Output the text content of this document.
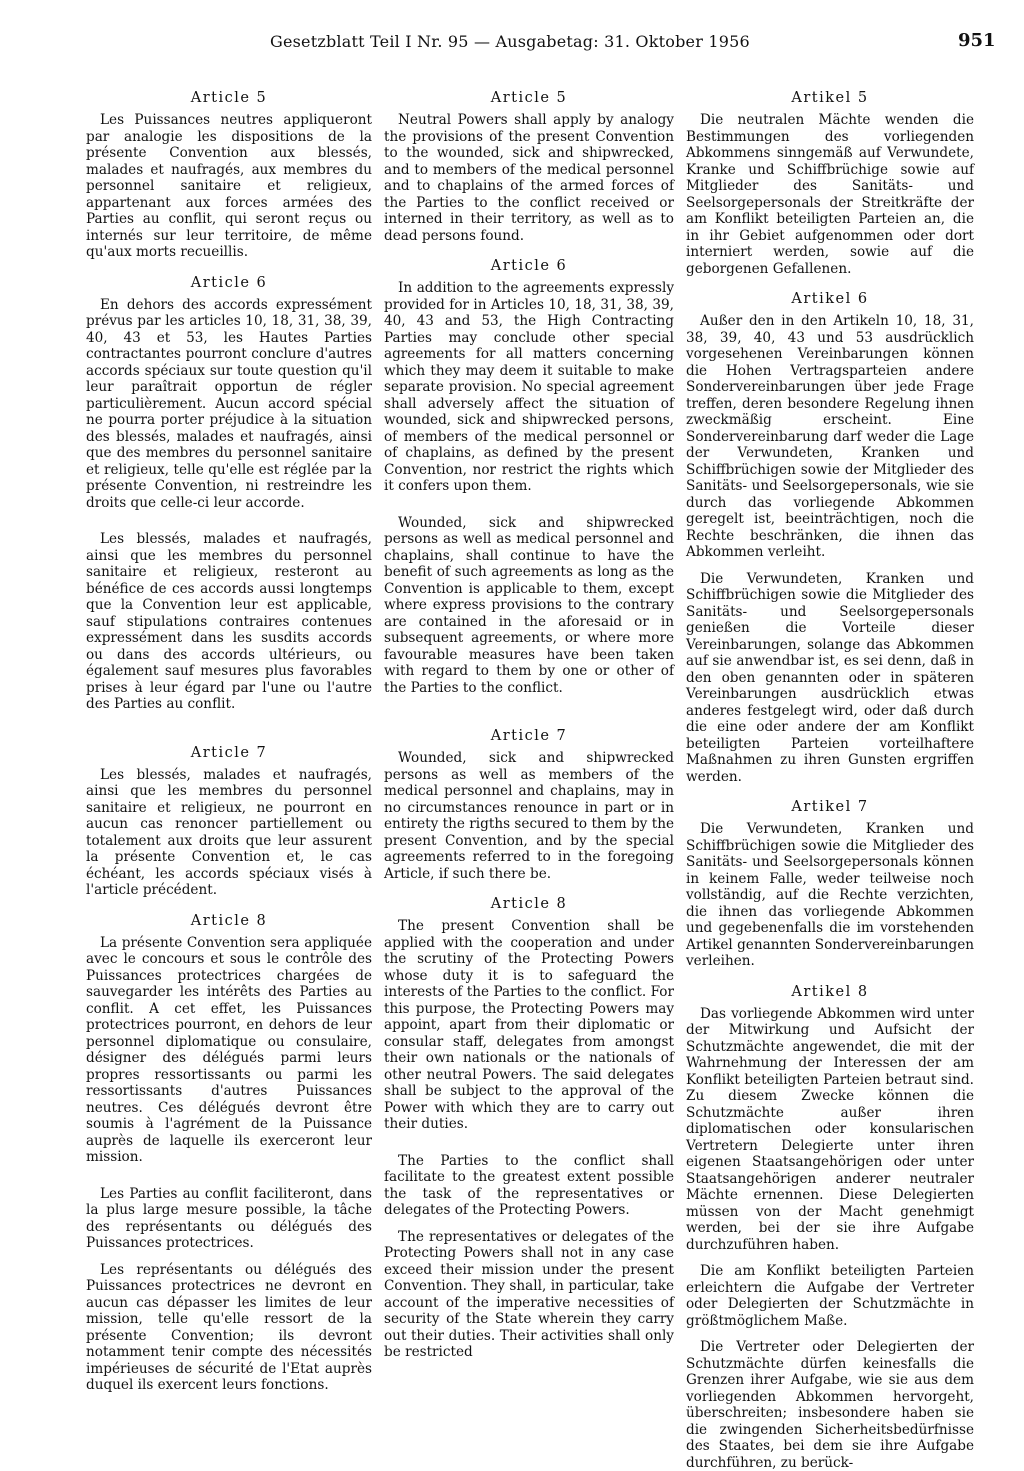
Gesetzblatt Teil I Nr. 95 — Ausgabetag: 31. Oktober 1956	951
Article 5

Les Puissances neutres appliqueront par analogie les dispositions de la présente Convention aux blessés, malades et naufragés, aux membres du personnel sanitaire et religieux, appartenant aux forces armées des Parties au conflit, qui seront reçus ou internés sur leur territoire, de même qu'aux morts recueillis.

Article 6

En dehors des accords expressément prévus par les articles 10, 18, 31, 38, 39, 40, 43 et 53, les Hautes Parties contractantes pourront conclure d'autres accords spéciaux sur toute question qu'il leur paraîtrait opportun de régler particulièrement. Aucun accord spécial ne pourra porter préjudice à la situation des blessés, malades et naufragés, ainsi que des membres du personnel sanitaire et religieux, telle qu'elle est réglée par la présente Convention, ni restreindre les droits que celle-ci leur accorde.

Les blessés, malades et naufragés, ainsi que les membres du personnel sanitaire et religieux, resteront au bénéfice de ces accords aussi longtemps que la Convention leur est applicable, sauf stipulations contraires contenues expressément dans les susdits accords ou dans des accords ultérieurs, ou également sauf mesures plus favorables prises à leur égard par l'une ou l'autre des Parties au conflit.

Article 7

Les blessés, malades et naufragés, ainsi que les membres du personnel sanitaire et religieux, ne pourront en aucun cas renoncer partiellement ou totalement aux droits que leur assurent la présente Convention et, le cas échéant, les accords spéciaux visés à l'article précédent.

Article 8

La présente Convention sera appliquée avec le concours et sous le contrôle des Puissances protectrices chargées de sauvegarder les intérêts des Parties au conflit. A cet effet, les Puissances protectrices pourront, en dehors de leur personnel diplomatique ou consulaire, désigner des délégués parmi leurs propres ressortissants ou parmi les ressortissants d'autres Puissances neutres. Ces délégués devront être soumis à l'agrément de la Puissance auprès de laquelle ils exerceront leur mission.

Les Parties au conflit faciliteront, dans la plus large mesure possible, la tâche des représentants ou délégués des Puissances protectrices.

Les représentants ou délégués des Puissances protectrices ne devront en aucun cas dépasser les limites de leur mission, telle qu'elle ressort de la présente Convention; ils devront notamment tenir compte des nécessités impérieuses de sécurité de l'Etat auprès duquel ils exercent leurs fonctions.

Article 5

Neutral Powers shall apply by analogy the provisions of the present Convention to the wounded, sick and shipwrecked, and to members of the medical personnel and to chaplains of the armed forces of the Parties to the conflict received or interned in their territory, as well as to dead persons found.

Article 6

In addition to the agreements expressly provided for in Articles 10, 18, 31, 38, 39, 40, 43 and 53, the High Contracting Parties may conclude other special agreements for all matters concerning which they may deem it suitable to make separate provision. No special agreement shall adversely affect the situation of wounded, sick and shipwrecked persons, of members of the medical personnel or of chaplains, as defined by the present Convention, nor restrict the rights which it confers upon them.

Wounded, sick and shipwrecked persons as well as medical personnel and chaplains, shall continue to have the benefit of such agreements as long as the Convention is applicable to them, except where express provisions to the contrary are contained in the aforesaid or in subsequent agreements, or where more favourable measures have been taken with regard to them by one or other of the Parties to the conflict.

Article 7

Wounded, sick and shipwrecked persons as well as members of the medical personnel and chaplains, may in no circumstances renounce in part or in entirety the rigths secured to them by the present Convention, and by the special agreements referred to in the foregoing Article, if such there be.

Article 8

The present Convention shall be applied with the cooperation and under the scrutiny of the Protecting Powers whose duty it is to safeguard the interests of the Parties to the conflict. For this purpose, the Protecting Powers may appoint, apart from their diplomatic or consular staff, delegates from amongst their own nationals or the nationals of other neutral Powers. The said delegates shall be subject to the approval of the Power with which they are to carry out their duties.

The Parties to the conflict shall facilitate to the greatest extent possible the task of the representatives or delegates of the Protecting Powers.

The representatives or delegates of the Protecting Powers shall not in any case exceed their mission under the present Convention. They shall, in particular, take account of the imperative necessities of security of the State wherein they carry out their duties. Their activities shall only be restricted

Artikel 5

Die neutralen Mächte wenden die Bestimmungen des vorliegenden Abkommens sinngemäß auf Verwundete, Kranke und Schiffbrüchige sowie auf Mitglieder des Sanitäts- und Seelsorgepersonals der Streitkräfte der am Konflikt beteiligten Parteien an, die in ihr Gebiet aufgenommen oder dort interniert werden, sowie auf die geborgenen Gefallenen.

Artikel 6

Außer den in den Artikeln 10, 18, 31, 38, 39, 40, 43 und 53 ausdrücklich vorgesehenen Vereinbarungen können die Hohen Vertragsparteien andere Sondervereinbarungen über jede Frage treffen, deren besondere Regelung ihnen zweckmäßig erscheint. Eine Sondervereinbarung darf weder die Lage der Verwundeten, Kranken und Schiffbrüchigen sowie der Mitglieder des Sanitäts- und Seelsorgepersonals, wie sie durch das vorliegende Abkommen geregelt ist, beeinträchtigen, noch die Rechte beschränken, die ihnen das Abkommen verleiht.

Die Verwundeten, Kranken und Schiffbrüchigen sowie die Mitglieder des Sanitäts- und Seelsorgepersonals genießen die Vorteile dieser Vereinbarungen, solange das Abkommen auf sie anwendbar ist, es sei denn, daß in den oben genannten oder in späteren Vereinbarungen ausdrücklich etwas anderes festgelegt wird, oder daß durch die eine oder andere der am Konflikt beteiligten Parteien vorteilhaftere Maßnahmen zu ihren Gunsten ergriffen werden.

Artikel 7

Die Verwundeten, Kranken und Schiffbrüchigen sowie die Mitglieder des Sanitäts- und Seelsorgepersonals können in keinem Falle, weder teilweise noch vollständig, auf die Rechte verzichten, die ihnen das vorliegende Abkommen und gegebenenfalls die im vorstehenden Artikel genannten Sondervereinbarungen verleihen.

Artikel 8

Das vorliegende Abkommen wird unter der Mitwirkung und Aufsicht der Schutzmächte angewendet, die mit der Wahrnehmung der Interessen der am Konflikt beteiligten Parteien betraut sind. Zu diesem Zwecke können die Schutzmächte außer ihren diplomatischen oder konsularischen Vertretern Delegierte unter ihren eigenen Staatsangehörigen oder unter Staatsangehörigen anderer neutraler Mächte ernennen. Diese Delegierten müssen von der Macht genehmigt werden, bei der sie ihre Aufgabe durchzuführen haben.

Die am Konflikt beteiligten Parteien erleichtern die Aufgabe der Vertreter oder Delegierten der Schutzmächte in größtmöglichem Maße.

Die Vertreter oder Delegierten der Schutzmächte dürfen keinesfalls die Grenzen ihrer Aufgabe, wie sie aus dem vorliegenden Abkommen hervorgeht, überschreiten; insbesondere haben sie die zwingenden Sicherheitsbedürfnisse des Staates, bei dem sie ihre Aufgabe durchführen, zu berück-
